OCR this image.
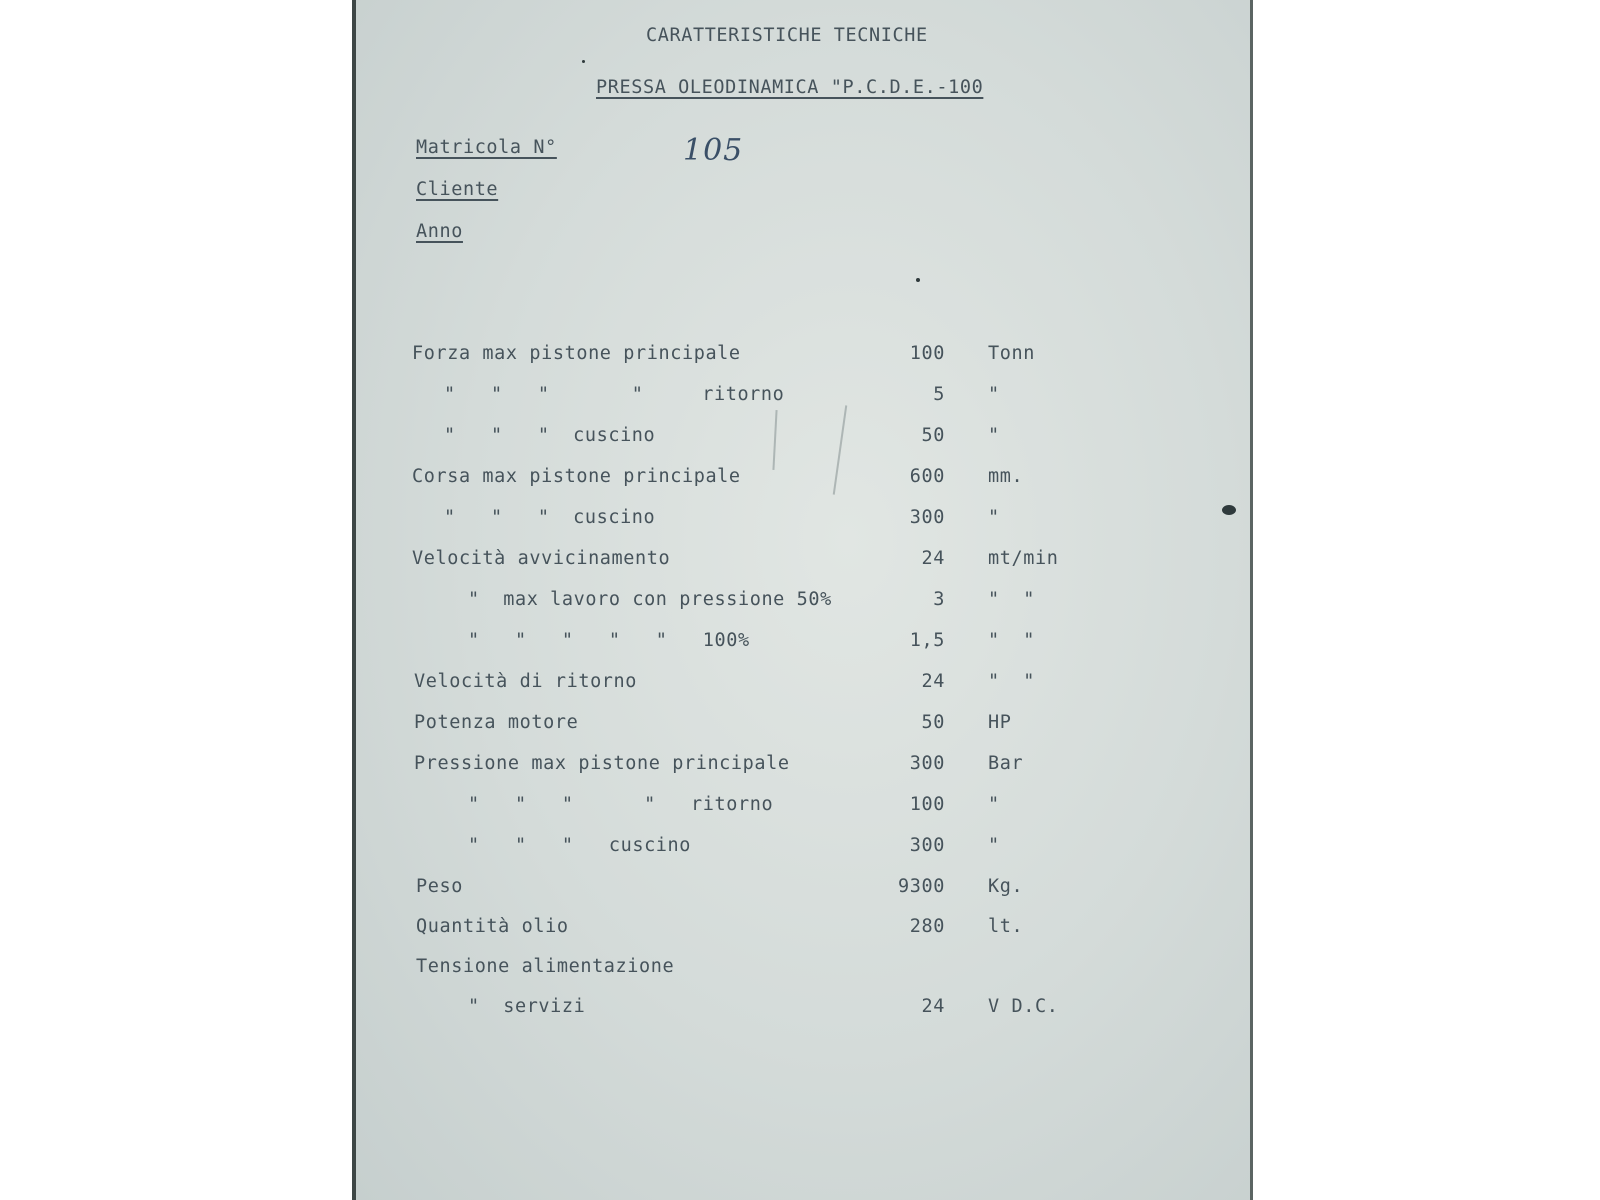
CARATTERISTICHE TECNICHE
PRESSA OLEODINAMICA "P.C.D.E.-100
Matricola N°	105
Cliente
Anno
Forza max pistone principale	100 Tonn
"   "   "       "     ritorno	5 "
"   "   "  cuscino	50 "
Corsa max pistone principale	600 mm.
"   "   "  cuscino	300 "
Velocità avvicinamento	24 mt/min
"  max lavoro con pressione 50%	3 "  "
"   "   "   "   "   100%	1,5 "  "
Velocità di ritorno	24 "  "
Potenza motore	50 HP
Pressione max pistone principale	300 Bar
"   "   "      "   ritorno	100 "
"   "   "   cuscino	300 "
Peso	9300 Kg.
Quantità olio	280 lt.
Tensione alimentazione
"  servizi	24 V D.C.
